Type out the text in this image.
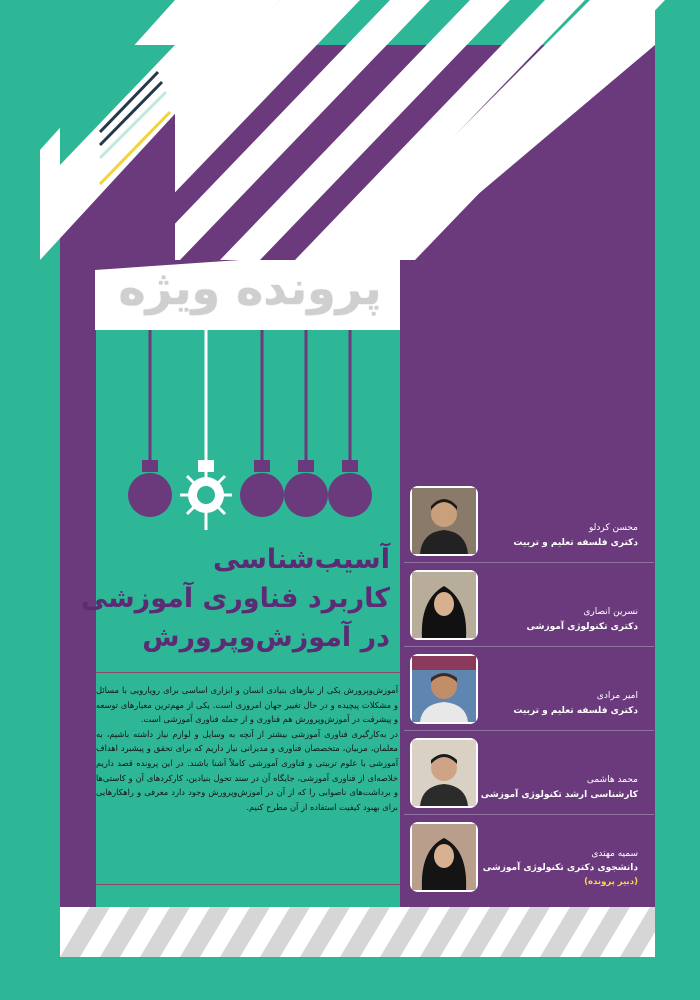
پرونده ویژه
آسیب‌شناسی
کاربرد فناوری آموزشی
در آموزش‌وپرورش

آموزش‌وپرورش یکی از نیازهای بنیادی انسان و ابزاری اساسی برای رویارویی با مسائل و مشکلات پیچیده و در حال تغییر جهان امروزی است. یکی از مهم‌ترین معیارهای توسعه و پیشرفت در آموزش‌وپرورش هم فناوری و از جمله فناوری آموزشی است.

در به‌کارگیری فناوری آموزشی بیشتر از آنچه به وسایل و لوازم نیاز داشته باشیم، به معلمان، مربیان، متخصصان فناوری و مدیرانی نیاز داریم که برای تحقق و پیشبرد اهداف آموزشی با علوم تربیتی و فناوری آموزشی کاملاً آشنا باشند. در این پرونده قصد داریم خلاصه‌ای از فناوری آموزشی، جایگاه آن در سند تحول بنیادین، کارکردهای آن و کاستی‌ها و برداشت‌های ناصوابی را که از آن در آموزش‌وپرورش وجود دارد معرفی و راهکارهایی برای بهبود کیفیت استفاده از آن مطرح کنیم.

محسن کردلو
دکتری فلسفه تعلیم و تربیت
نسرین انصاری
دکتری تکنولوژی آموزشی
امیر مرادی
دکتری فلسفه تعلیم و تربیت
محمد هاشمی
کارشناسی ارشد تکنولوژی آموزشی
سمیه مهتدی
دانشجوی دکتری تکنولوژی آموزشی
(دبیر پرونده)
